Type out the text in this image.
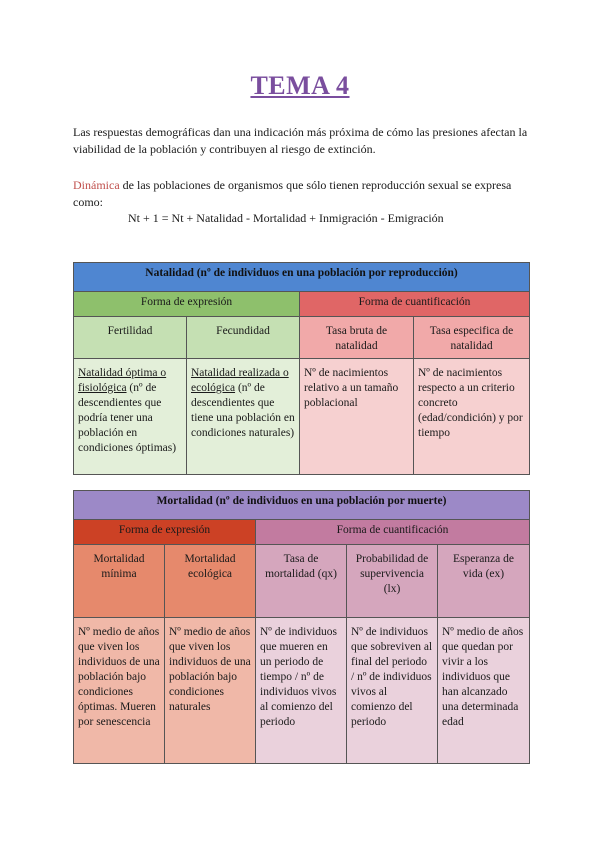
TEMA 4
Las respuestas demográficas dan una indicación más próxima de cómo las presiones afectan la viabilidad de la población y contribuyen al riesgo de extinción.
Dinámica de las poblaciones de organismos que sólo tienen reproducción sexual se expresa como:
Nt + 1 = Nt + Natalidad - Mortalidad + Inmigración - Emigración
Natalidad (nº de individuos en una población por reproducción)			
Forma de expresión		Forma de cuantificación	
Fertilidad	Fecundidad	Tasa bruta de natalidad	Tasa especifica de natalidad
Natalidad óptima o fisiológica (nº de descendientes que podría tener una población en condiciones óptimas)	Natalidad realizada o ecológica (nº de descendientes que tiene una población en condiciones naturales)	Nº de nacimientos relativo a un tamaño poblacional	Nº de nacimientos respecto a un criterio concreto (edad/condición) y por tiempo
Mortalidad (nº de individuos en una población por muerte)				
Forma de expresión		Forma de cuantificación		
Mortalidad mínima	Mortalidad ecológica	Tasa de mortalidad (qx)	Probabilidad de supervivencia (lx)	Esperanza de vida (ex)
Nº medio de años que viven los individuos de una población bajo condiciones óptimas. Mueren por senescencia	Nº medio de años que viven los individuos de una población bajo condiciones naturales	Nº de individuos que mueren en un periodo de tiempo / nº de individuos vivos al comienzo del periodo	Nº de individuos que sobreviven al final del periodo / nº de individuos vivos al comienzo del periodo	Nº medio de años que quedan por vivir a los individuos que han alcanzado una determinada edad
